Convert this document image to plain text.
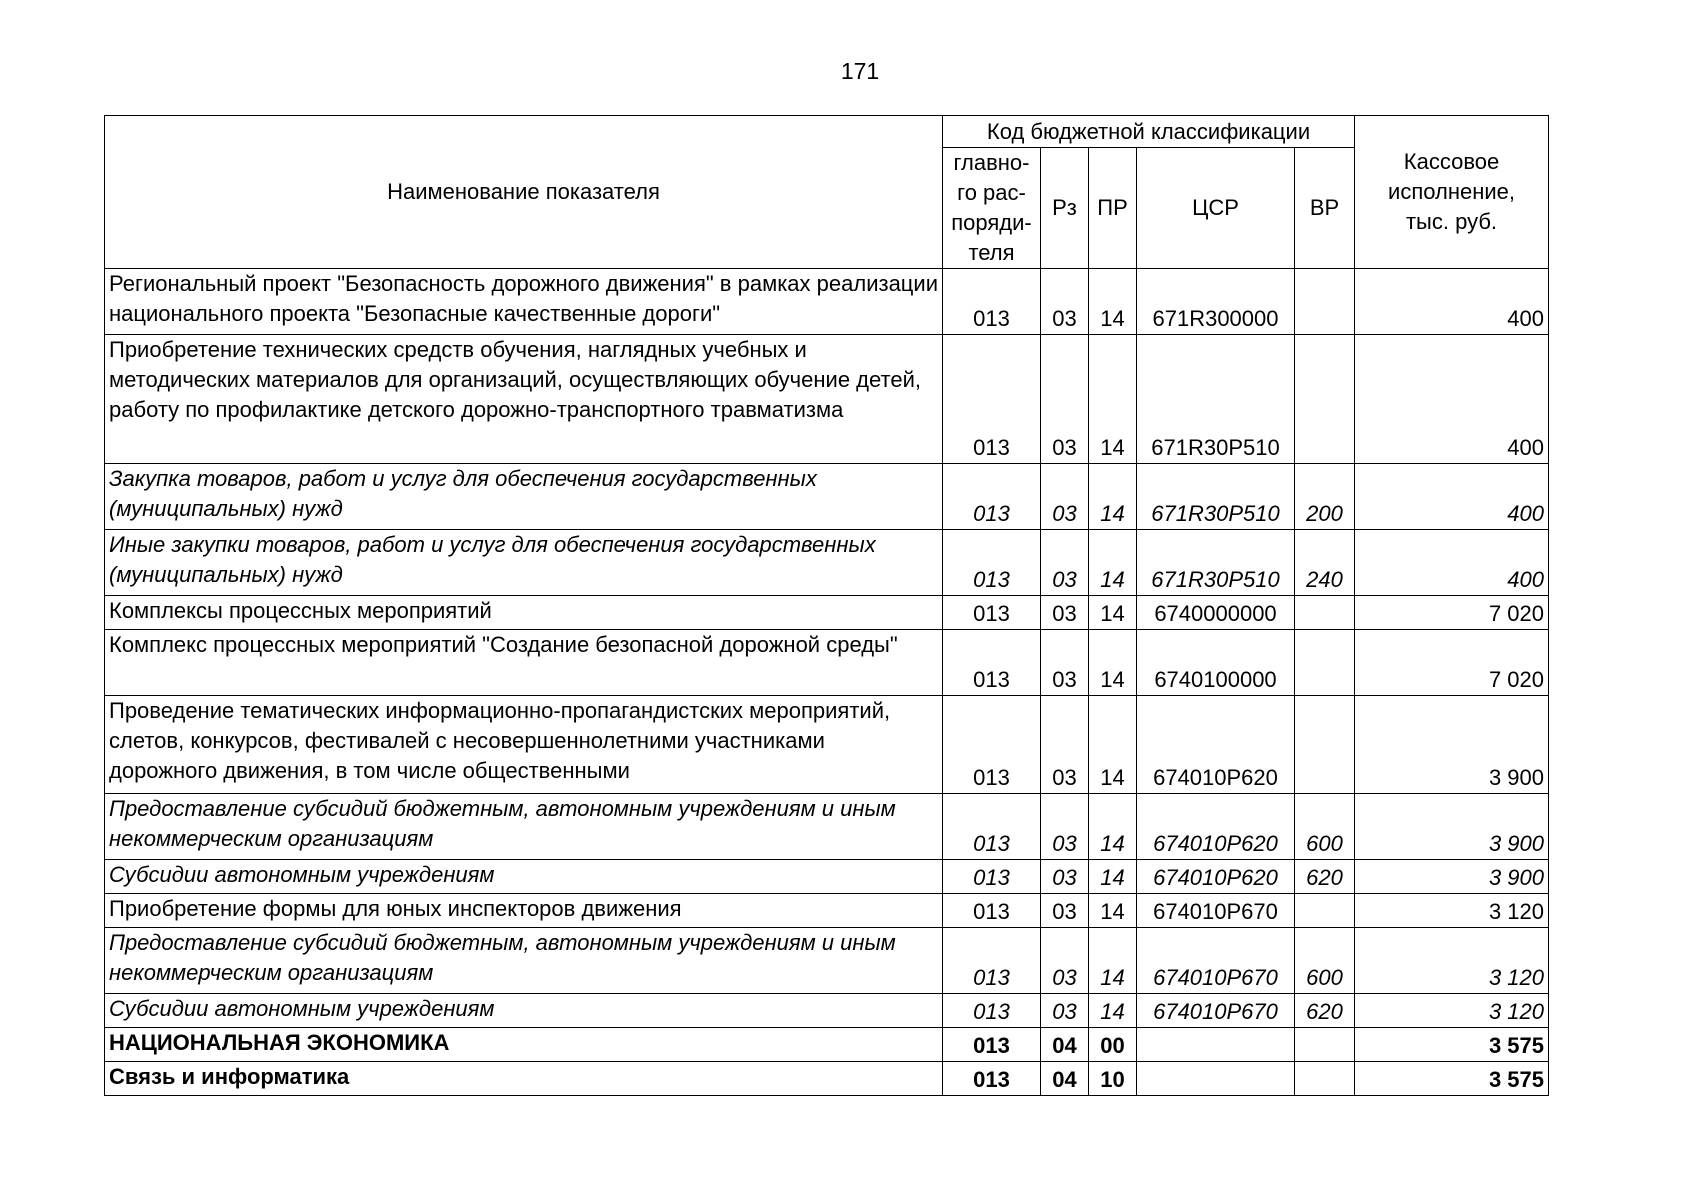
171
Наименование показателя	Код бюджетной классификации					Кассовое исполнение, тыс. руб.
	главно-го рас-поряди-теля	Рз	ПР	ЦСР	ВР	
Региональный проект "Безопасность дорожного движения" в рамках реализации национального проекта "Безопасные качественные дороги"	013	03	14	671R300000		400
Приобретение технических средств обучения, наглядных учебных и методических материалов для организаций, осуществляющих обучение детей, работу по профилактике детского дорожно-транспортного травматизма	013	03	14	671R30P510		400
Закупка товаров, работ и услуг для обеспечения государственных (муниципальных) нужд	013	03	14	671R30P510	200	400
Иные закупки товаров, работ и услуг для обеспечения государственных (муниципальных) нужд	013	03	14	671R30P510	240	400
Комплексы процессных мероприятий	013	03	14	6740000000		7 020
Комплекс процессных мероприятий "Создание безопасной дорожной среды"	013	03	14	6740100000		7 020
Проведение тематических информационно-пропагандистских мероприятий, слетов, конкурсов, фестивалей с несовершеннолетними участниками дорожного движения, в том числе общественными	013	03	14	674010P620		3 900
Предоставление субсидий бюджетным, автономным учреждениям и иным некоммерческим организациям	013	03	14	674010P620	600	3 900
Субсидии автономным учреждениям	013	03	14	674010P620	620	3 900
Приобретение формы для юных инспекторов движения	013	03	14	674010P670		3 120
Предоставление субсидий бюджетным, автономным учреждениям и иным некоммерческим организациям	013	03	14	674010P670	600	3 120
Субсидии автономным учреждениям	013	03	14	674010P670	620	3 120
НАЦИОНАЛЬНАЯ ЭКОНОМИКА	013	04	00			3 575
Связь и информатика	013	04	10			3 575
